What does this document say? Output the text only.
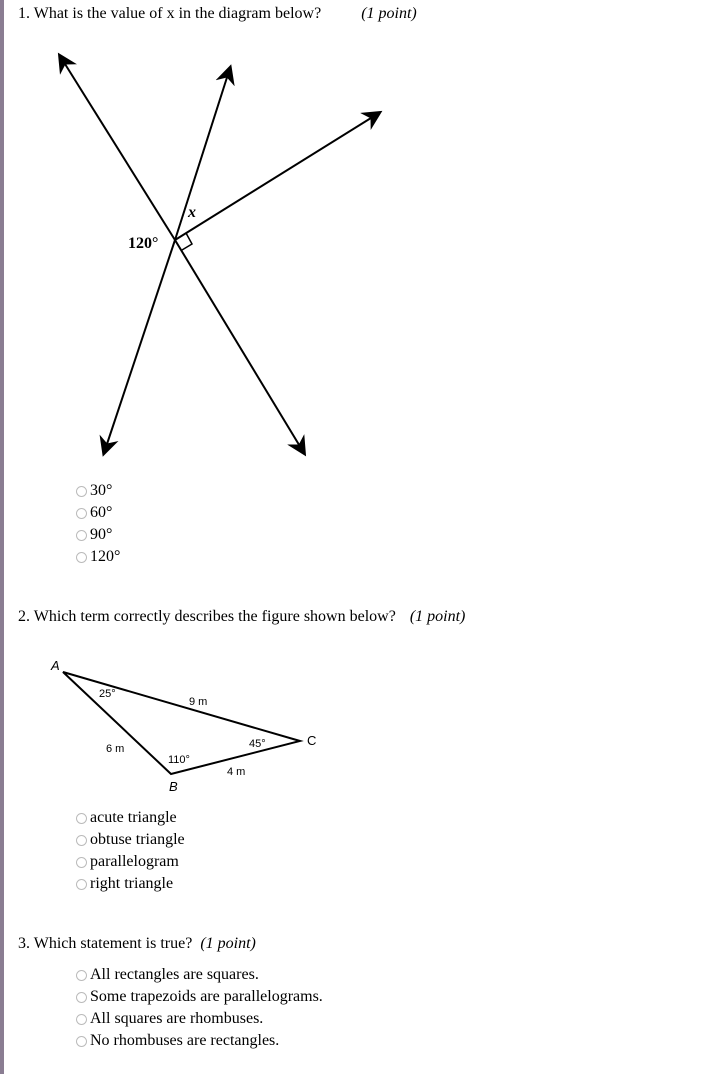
1. What is the value of x in the diagram below?	(1 point)
120°
x
A
B
C
25°
110°
45°
9 m
6 m
4 m
30°
60°
90°
120°
2. Which term correctly describes the figure shown below? (1 point)
acute triangle
obtuse triangle
parallelogram
right triangle
3. Which statement is true? (1 point)
All rectangles are squares.
Some trapezoids are parallelograms.
All squares are rhombuses.
No rhombuses are rectangles.
